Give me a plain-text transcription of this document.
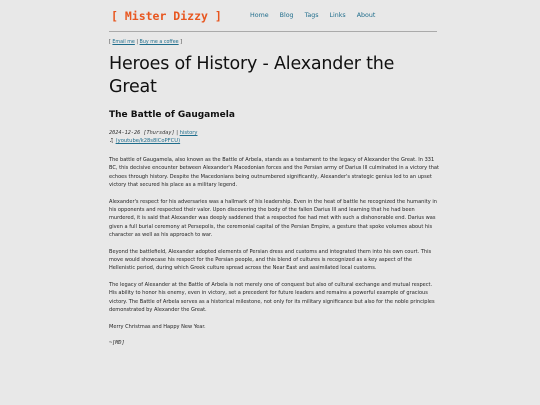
[ Mister Dizzy ]	Home Blog Tags Links About
[ Email me | Buy me a coffee ]
Heroes of History - Alexander the Great
The Battle of Gaugamela
2024-12-26 [Thursday] | history
♫ (youtube/k28s8lCoPFCU)

The battle of Gaugamela, also known as the Battle of Arbela, stands as a testament to the legacy of Alexander the Great. In 331 BC, this decisive encounter between Alexander's Macedonian forces and the Persian army of Darius III culminated in a victory that echoes through history. Despite the Macedonians being outnumbered significantly, Alexander's strategic genius led to an upset victory that secured his place as a military legend.

Alexander's respect for his adversaries was a hallmark of his leadership. Even in the heat of battle he recognized the humanity in his opponents and respected their valor. Upon discovering the body of the fallen Darius III and learning that he had been murdered, it is said that Alexander was deeply saddened that a respected foe had met with such a dishonorable end. Darius was given a full burial ceremony at Persepolis, the ceremonial capital of the Persian Empire, a gesture that spoke volumes about his character as well as his approach to war.

Beyond the battlefield, Alexander adopted elements of Persian dress and customs and integrated them into his own court. This move would showcase his respect for the Persian people, and this blend of cultures is recognized as a key aspect of the Hellenistic period, during which Greek culture spread across the Near East and assimilated local customs.

The legacy of Alexander at the Battle of Arbela is not merely one of conquest but also of cultural exchange and mutual respect. His ability to honor his enemy, even in victory, set a precedent for future leaders and remains a powerful example of gracious victory. The Battle of Arbela serves as a historical milestone, not only for its military significance but also for the noble principles demonstrated by Alexander the Great.

Merry Christmas and Happy New Year.

~[MD]
